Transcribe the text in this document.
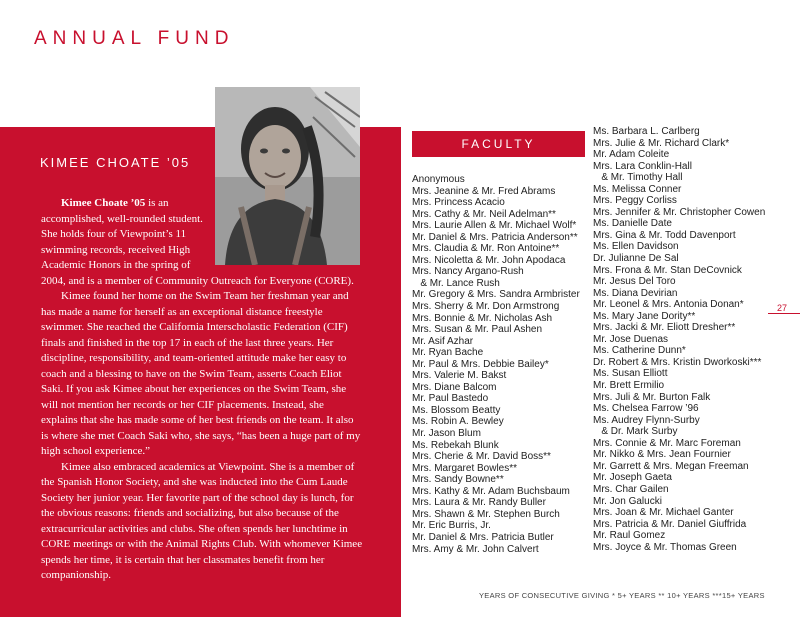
ANNUAL FUND
KIMEE CHOATE ’05

Kimee Choate ’05 is an accomplished, well-rounded student. She holds four of Viewpoint’s 11 swimming records, received High Academic Honors in the spring of

2004, and is a member of Community Outreach for Everyone (CORE).

Kimee found her home on the Swim Team her freshman year and has made a name for herself as an exceptional distance freestyle swimmer. She reached the California Interscholastic Federation (CIF) finals and finished in the top 17 in each of the last three years. Her discipline, responsibility, and team-oriented attitude make her easy to coach and a blessing to have on the Swim Team, asserts Coach Eliot Saki. If you ask Kimee about her experiences on the Swim Team, she will not mention her records or her CIF placements. Instead, she explains that she has made some of her best friends on the team. It also is where she met Coach Saki who, she says, “has been a huge part of my high school experience.”

Kimee also embraced academics at Viewpoint. She is a member of the Spanish Honor Society, and she was inducted into the Cum Laude Society her junior year. Her favorite part of the school day is lunch, for the obvious reasons: friends and socializing, but also because of the extracurricular activities and clubs. She often spends her lunchtime in CORE meetings or with the Animal Rights Club. With whomever Kimee spends her time, it is certain that her classmates benefit from her companionship.

FACULTY
Anonymous
Mrs. Jeanine & Mr. Fred Abrams
Mrs. Princess Acacio
Mrs. Cathy & Mr. Neil Adelman**
Mrs. Laurie Allen & Mr. Michael Wolf*
Mr. Daniel & Mrs. Patricia Anderson**
Mrs. Claudia & Mr. Ron Antoine**
Mrs. Nicoletta & Mr. John Apodaca
Mrs. Nancy Argano-Rush
& Mr. Lance Rush
Mr. Gregory & Mrs. Sandra Armbrister
Mrs. Sherry & Mr. Don Armstrong
Mrs. Bonnie & Mr. Nicholas Ash
Mrs. Susan & Mr. Paul Ashen
Mr. Asif Azhar
Mr. Ryan Bache
Mr. Paul & Mrs. Debbie Bailey*
Mrs. Valerie M. Bakst
Mrs. Diane Balcom
Mr. Paul Bastedo
Ms. Blossom Beatty
Ms. Robin A. Bewley
Mr. Jason Blum
Ms. Rebekah Blunk
Mrs. Cherie & Mr. David Boss**
Mrs. Margaret Bowles**
Mrs. Sandy Bowne**
Mrs. Kathy & Mr. Adam Buchsbaum
Mrs. Laura & Mr. Randy Buller
Mrs. Shawn & Mr. Stephen Burch
Mr. Eric Burris, Jr.
Mr. Daniel & Mrs. Patricia Butler
Mrs. Amy & Mr. John Calvert
Ms. Barbara L. Carlberg
Mrs. Julie & Mr. Richard Clark*
Mr. Adam Coleite
Mrs. Lara Conklin-Hall
& Mr. Timothy Hall
Ms. Melissa Conner
Mrs. Peggy Corliss
Mrs. Jennifer & Mr. Christopher Cowen
Ms. Danielle Date
Mrs. Gina & Mr. Todd Davenport
Ms. Ellen Davidson
Dr. Julianne De Sal
Mrs. Frona & Mr. Stan DeCovnick
Mr. Jesus Del Toro
Ms. Diana Devirian
Mr. Leonel & Mrs. Antonia Donan*
Ms. Mary Jane Dority**
Mrs. Jacki & Mr. Eliott Dresher**
Mr. Jose Duenas
Ms. Catherine Dunn*
Dr. Robert & Mrs. Kristin Dworkoski***
Ms. Susan Elliott
Mr. Brett Ermilio
Mrs. Juli & Mr. Burton Falk
Ms. Chelsea Farrow ’96
Ms. Audrey Flynn-Surby
& Dr. Mark Surby
Mrs. Connie & Mr. Marc Foreman
Mr. Nikko & Mrs. Jean Fournier
Mr. Garrett & Mrs. Megan Freeman
Mr. Joseph Gaeta
Mrs. Char Gailen
Mr. Jon Galucki
Mrs. Joan & Mr. Michael Ganter
Mrs. Patricia & Mr. Daniel Giuffrida
Mr. Raul Gomez
Mrs. Joyce & Mr. Thomas Green
27
YEARS OF CONSECUTIVE GIVING * 5+ YEARS ** 10+ YEARS ***15+ YEARS
